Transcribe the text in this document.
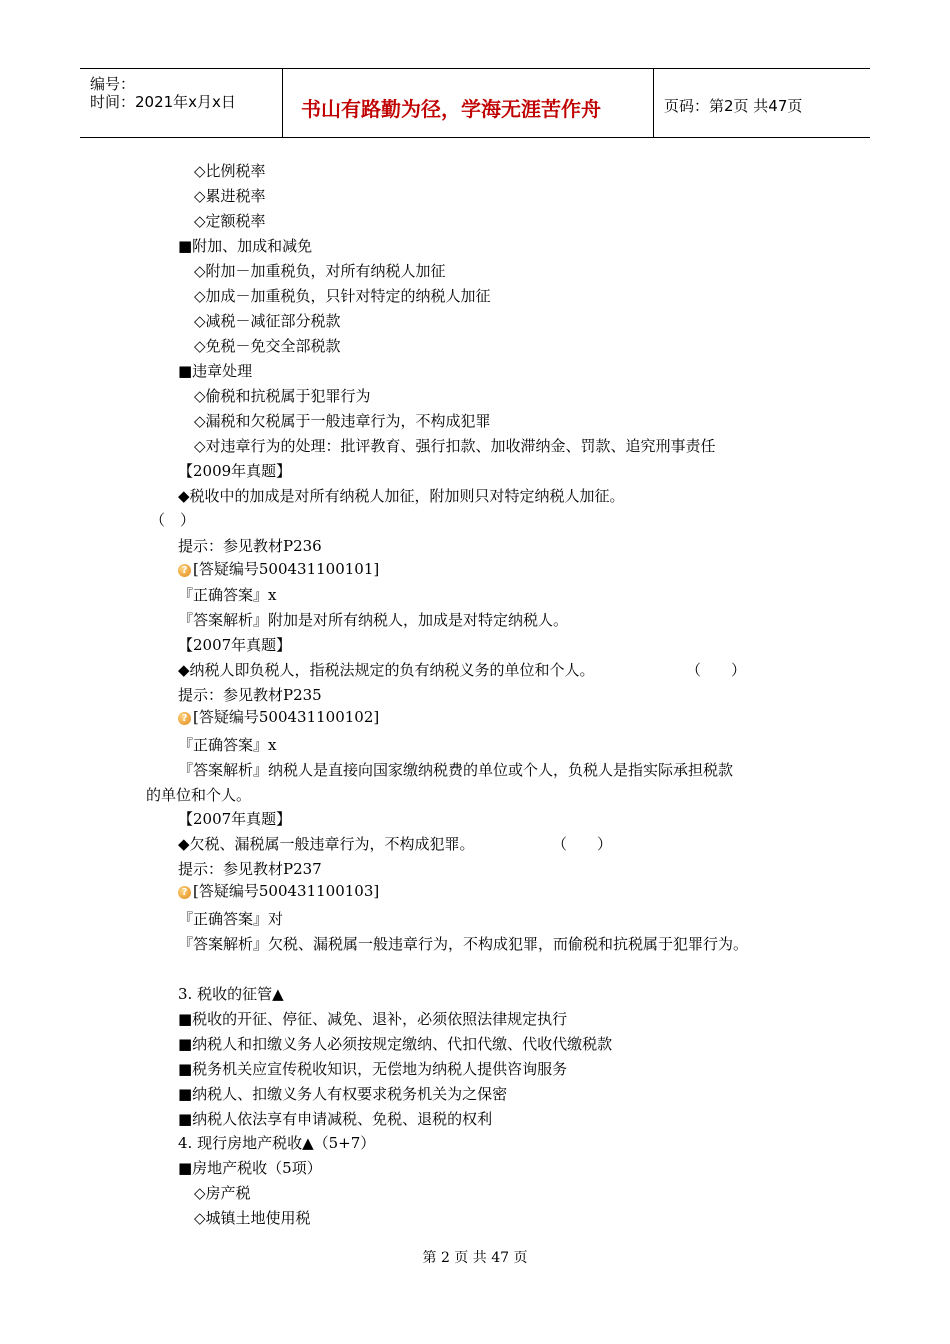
编号：
时间：2021年x月x日	书山有路勤为径，学海无涯苦作舟	页码：第2页 共47页
◇比例税率
◇累进税率
◇定额税率
■附加、加成和减免
◇附加－加重税负，对所有纳税人加征
◇加成－加重税负，只针对特定的纳税人加征
◇减税－减征部分税款
◇免税－免交全部税款
■违章处理
◇偷税和抗税属于犯罪行为
◇漏税和欠税属于一般违章行为，不构成犯罪
◇对违章行为的处理：批评教育、强行扣款、加收滞纳金、罚款、追究刑事责任
【2009年真题】
◆税收中的加成是对所有纳税人加征，附加则只对特定纳税人加征。
（　）
提示：参见教材P236
? [答疑编号500431100101]
『正确答案』x
『答案解析』附加是对所有纳税人，加成是对特定纳税人。
【2007年真题】
◆纳税人即负税人，指税法规定的负有纳税义务的单位和个人。	（　　）
提示：参见教材P235
? [答疑编号500431100102]
『正确答案』x
『答案解析』纳税人是直接向国家缴纳税费的单位或个人，负税人是指实际承担税款
的单位和个人。
【2007年真题】
◆欠税、漏税属一般违章行为，不构成犯罪。	（　　）
提示：参见教材P237
? [答疑编号500431100103]
『正确答案』对
『答案解析』欠税、漏税属一般违章行为，不构成犯罪，而偷税和抗税属于犯罪行为。
3. 税收的征管▲
■税收的开征、停征、减免、退补，必须依照法律规定执行
■纳税人和扣缴义务人必须按规定缴纳、代扣代缴、代收代缴税款
■税务机关应宣传税收知识，无偿地为纳税人提供咨询服务
■纳税人、扣缴义务人有权要求税务机关为之保密
■纳税人依法享有申请减税、免税、退税的权利
4. 现行房地产税收▲（5+7）
■房地产税收（5项）
◇房产税
◇城镇土地使用税
第 2 页 共 47 页
